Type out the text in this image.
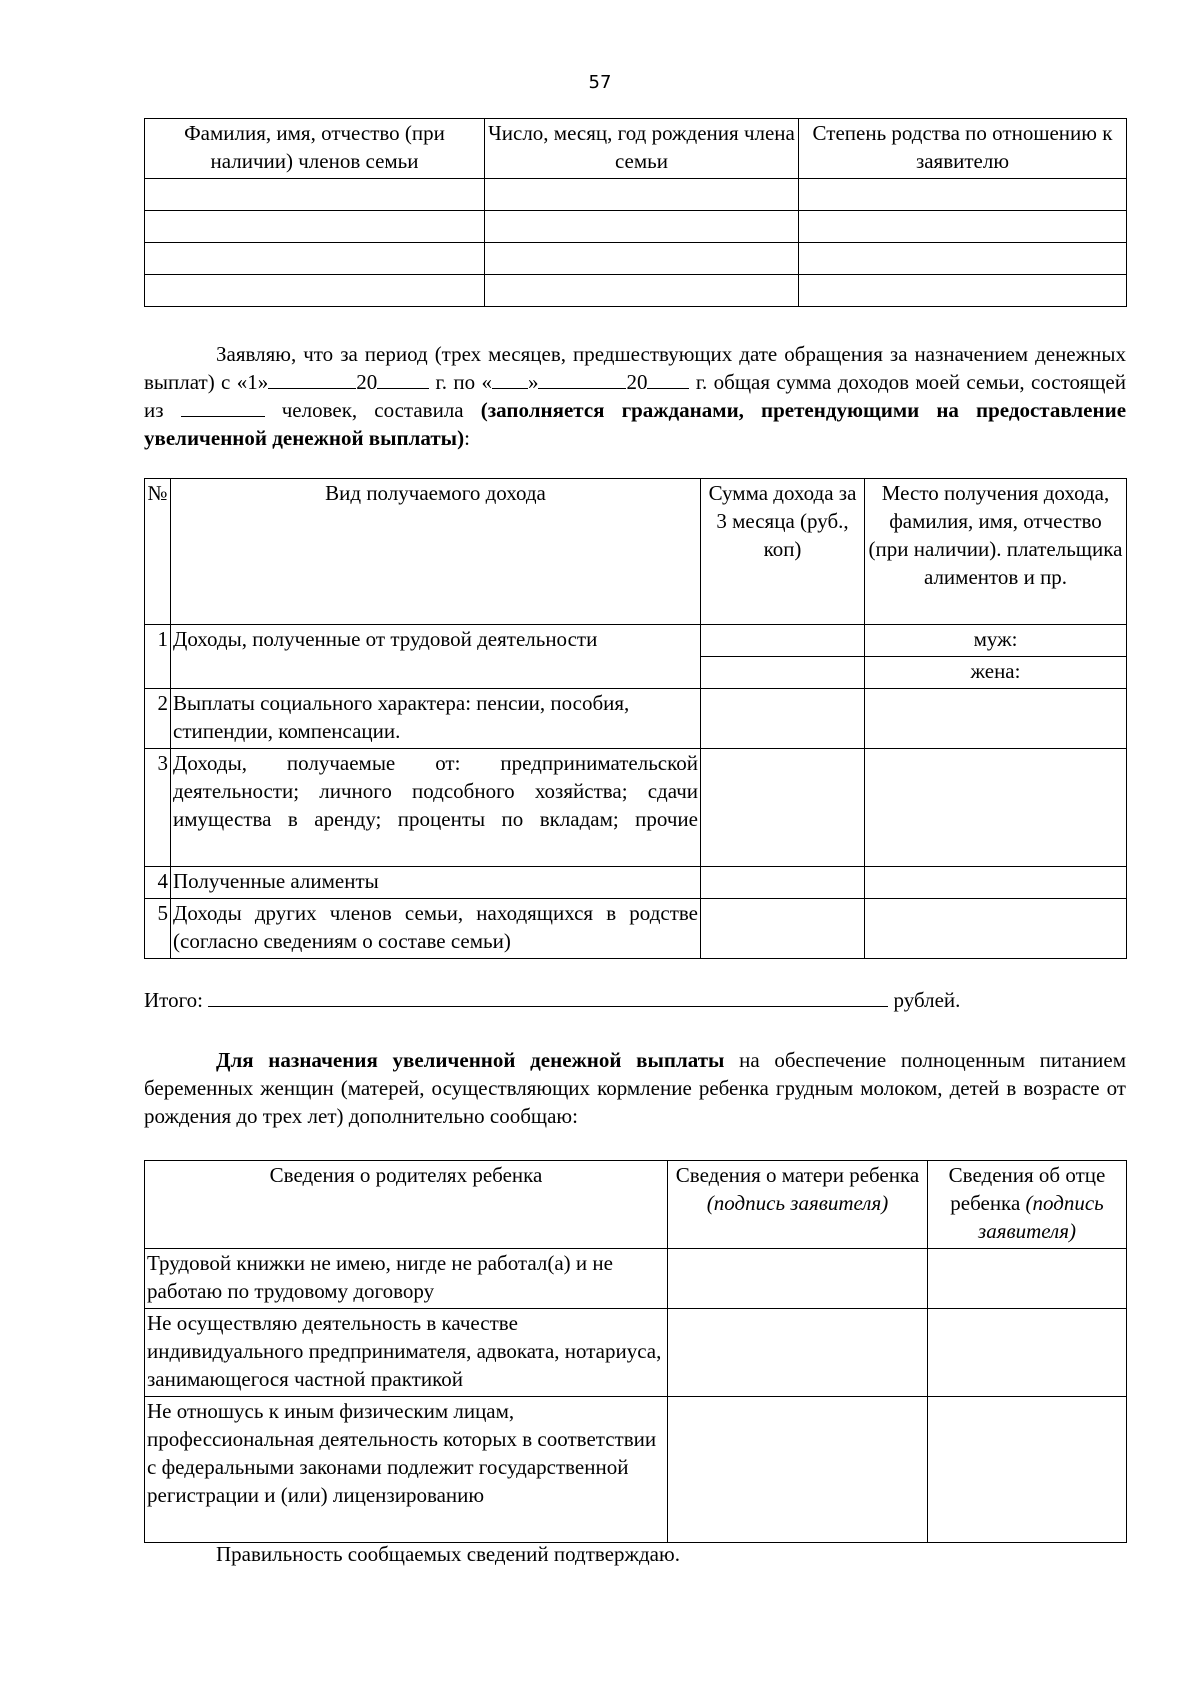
57
Фамилия, имя, отчество (при наличии) членов семьи	Число, месяц, год рождения члена семьи	Степень родства по отношению к заявителю

Заявляю, что за период (трех месяцев, предшествующих дате обращения за назначением денежных выплат) с «1»	20	г. по « »	20 г. общая сумма доходов моей семьи, состоящей из	человек, составила (заполняется гражданами, претендующими на предоставление увеличенной денежной выплаты):
№	Вид получаемого дохода	Сумма дохода за 3 месяца (руб., коп)	Место получения дохода, фамилия, имя, отчество (при наличии). плательщика алиментов и пр.
1	Доходы, полученные от трудовой деятельности		муж:
			жена:
2	Выплаты социального характера: пенсии, пособия, стипендии, компенсации.		
3	Доходы, получаемые от: предпринимательской деятельности; личного подсобного хозяйства; сдачи имущества в аренду; проценты по вкладам; прочие		
4	Полученные алименты		
5	Доходы других членов семьи, находящихся в родстве (согласно сведениям о составе семьи)		
Итого:	рублей.
Для назначения увеличенной денежной выплаты на обеспечение полноценным питанием беременных женщин (матерей, осуществляющих кормление ребенка грудным молоком, детей в возрасте от рождения до трех лет) дополнительно сообщаю:
Сведения о родителях ребенка	Сведения о матери ребенка (подпись заявителя)	Сведения об отце ребенка (подпись заявителя)
Трудовой книжки не имею, нигде не работал(а) и не работаю по трудовому договору		
Не осуществляю деятельность в качестве индивидуального предпринимателя, адвоката, нотариуса, занимающегося частной практикой		
Не отношусь к иным физическим лицам, профессиональная деятельность которых в соответствии с федеральными законами подлежит государственной регистрации и (или) лицензированию		
Правильность сообщаемых сведений подтверждаю.
